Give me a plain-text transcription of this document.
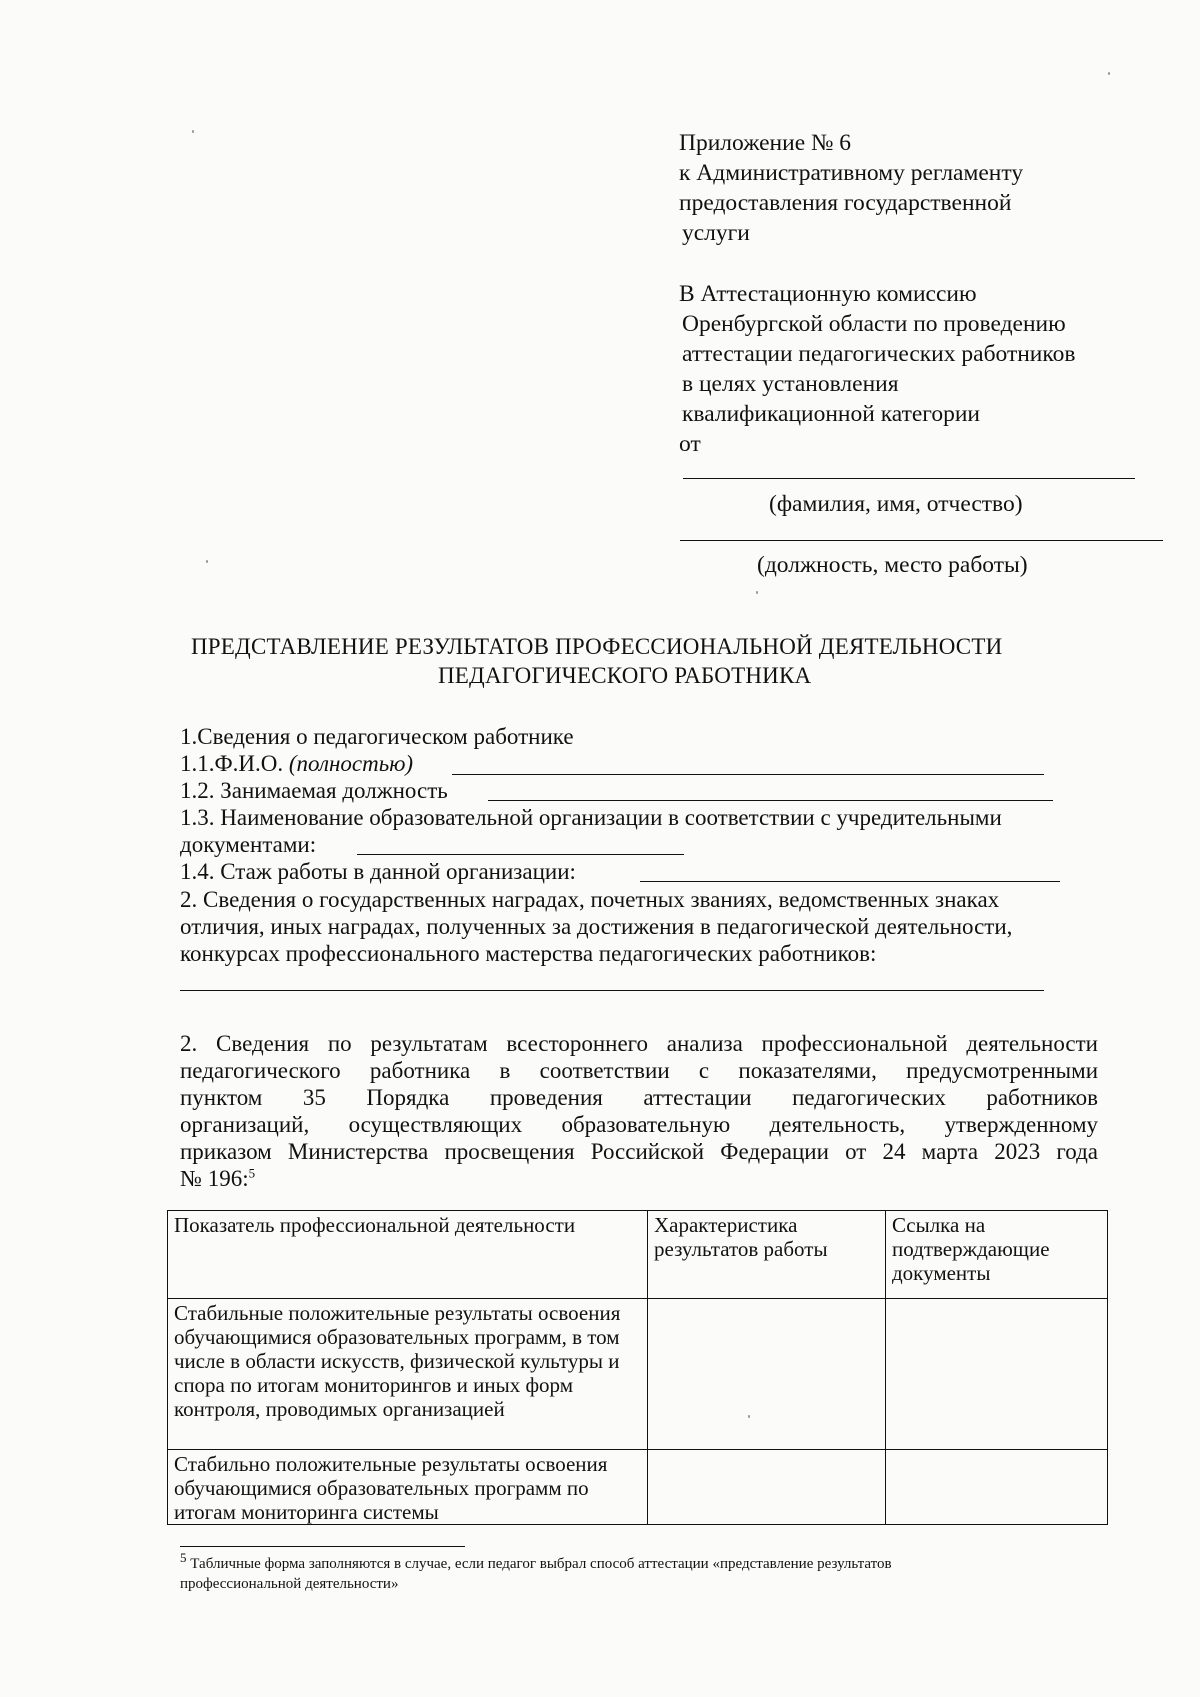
Приложение № 6
к Административному регламенту
предоставления государственной
услуги
В Аттестационную комиссию
Оренбургской области по проведению
аттестации педагогических работников
в целях установления
квалификационной категории
от
(фамилия, имя, отчество)
(должность, место работы)
ПРЕДСТАВЛЕНИЕ РЕЗУЛЬТАТОВ ПРОФЕССИОНАЛЬНОЙ ДЕЯТЕЛЬНОСТИ
ПЕДАГОГИЧЕСКОГО РАБОТНИКА
1.Сведения о педагогическом работнике
1.1.Ф.И.О. (полностью)
1.2. Занимаемая должность
1.3. Наименование образовательной организации в соответствии с учредительными
документами:
1.4. Стаж работы в данной организации:
2. Сведения о государственных наградах, почетных званиях, ведомственных знаках
отличия, иных наградах, полученных за достижения в педагогической деятельности,
конкурсах профессионального мастерства педагогических работников:
2. Сведения по результатам всестороннего анализа профессиональной деятельности
педагогического работника в соответствии с показателями, предусмотренными
пунктом 35 Порядка проведения аттестации педагогических работников
организаций, осуществляющих образовательную деятельность, утвержденному
приказом Министерства просвещения Российской Федерации от 24 марта 2023 года
№ 196:$^5$
Показатель профессиональной деятельности	Характеристика результатов работы	Ссылка на подтверждающие документы
Стабильные положительные результаты освоения обучающимися образовательных программ, в том числе в области искусств, физической культуры и спора по итогам мониторингов и иных форм контроля, проводимых организацией		
Стабильно положительные результаты освоения обучающимися образовательных программ по итогам мониторинга системы		
$^5$ Табличные форма заполняются в случае, если педагог выбрал способ аттестации «представление результатов
профессиональной деятельности»
